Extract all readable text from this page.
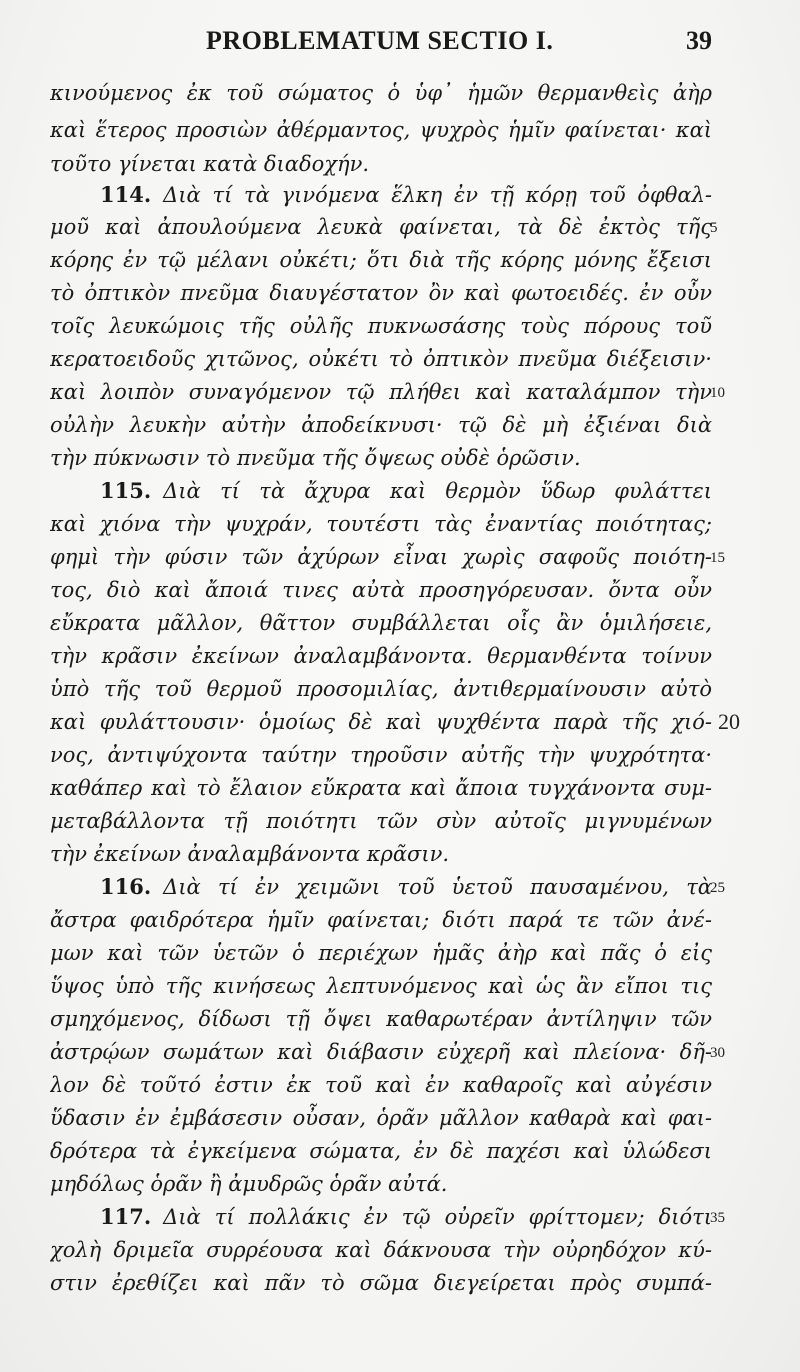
PROBLEMATUM SECTIO I.	39
κινούμενος ἐκ τοῦ σώματος ὁ ὑφ᾽ ἡμῶν θερμανθεὶς ἀὴρ
καὶ ἕτερος προσιὼν ἀθέρμαντος, ψυχρὸς ἡμῖν φαίνεται· καὶ
τοῦτο γίνεται κατὰ διαδοχήν.
114. Διὰ τί τὰ γινόμενα ἕλκη ἐν τῇ κόρῃ τοῦ ὀφθαλ-
μοῦ καὶ ἀπουλούμενα λευκὰ φαίνεται, τὰ δὲ ἐκτὸς τῆς
κόρης ἐν τῷ μέλανι οὐκέτι; ὅτι διὰ τῆς κόρης μόνης ἔξεισι
τὸ ὀπτικὸν πνεῦμα διαυγέστατον ὂν καὶ φωτοειδές. ἐν οὖν
τοῖς λευκώμοις τῆς οὐλῆς πυκνωσάσης τοὺς πόρους τοῦ
κερατοειδοῦς χιτῶνος, οὐκέτι τὸ ὀπτικὸν πνεῦμα διέξεισιν·
καὶ λοιπὸν συναγόμενον τῷ πλήθει καὶ καταλάμπον τὴν
οὐλὴν λευκὴν αὐτὴν ἀποδείκνυσι· τῷ δὲ μὴ ἐξιέναι διὰ
τὴν πύκνωσιν τὸ πνεῦμα τῆς ὄψεως οὐδὲ ὁρῶσιν.
115. Διὰ τί τὰ ἄχυρα καὶ θερμὸν ὕδωρ φυλάττει
καὶ χιόνα τὴν ψυχράν, τουτέστι τὰς ἐναντίας ποιότητας;
φημὶ τὴν φύσιν τῶν ἀχύρων εἶναι χωρὶς σαφοῦς ποιότη-
τος, διὸ καὶ ἄποιά τινες αὐτὰ προσηγόρευσαν. ὄντα οὖν
εὔκρατα μᾶλλον, θᾶττον συμβάλλεται οἷς ἂν ὁμιλήσειε,
τὴν κρᾶσιν ἐκείνων ἀναλαμβάνοντα. θερμανθέντα τοίνυν
ὑπὸ τῆς τοῦ θερμοῦ προσομιλίας, ἀντιθερμαίνουσιν αὐτὸ
καὶ φυλάττουσιν· ὁμοίως δὲ καὶ ψυχθέντα παρὰ τῆς χιό-
νος, ἀντιψύχοντα ταύτην τηροῦσιν αὐτῆς τὴν ψυχρότητα·
καθάπερ καὶ τὸ ἔλαιον εὔκρατα καὶ ἄποια τυγχάνοντα συμ-
μεταβάλλοντα τῇ ποιότητι τῶν σὺν αὐτοῖς μιγνυμένων
τὴν ἐκείνων ἀναλαμβάνοντα κρᾶσιν.
116. Διὰ τί ἐν χειμῶνι τοῦ ὑετοῦ παυσαμένου, τὰ
ἄστρα φαιδρότερα ἡμῖν φαίνεται; διότι παρά τε τῶν ἀνέ-
μων καὶ τῶν ὑετῶν ὁ περιέχων ἡμᾶς ἀὴρ καὶ πᾶς ὁ εἰς
ὕψος ὑπὸ τῆς κινήσεως λεπτυνόμενος καὶ ὡς ἂν εἴποι τις
σμηχόμενος, δίδωσι τῇ ὄψει καθαρωτέραν ἀντίληψιν τῶν
ἀστρῴων σωμάτων καὶ διάβασιν εὐχερῆ καὶ πλείονα· δῆ-
λον δὲ τοῦτό ἐστιν ἐκ τοῦ καὶ ἐν καθαροῖς καὶ αὐγέσιν
ὕδασιν ἐν ἐμβάσεσιν οὖσαν, ὁρᾶν μᾶλλον καθαρὰ καὶ φαι-
δρότερα τὰ ἐγκείμενα σώματα, ἐν δὲ παχέσι καὶ ὑλώδεσι
μηδόλως ὁρᾶν ἢ ἀμυδρῶς ὁρᾶν αὐτά.
117. Διὰ τί πολλάκις ἐν τῷ οὐρεῖν φρίττομεν; διότι
χολὴ δριμεῖα συρρέουσα καὶ δάκνουσα τὴν οὐρηδόχον κύ-
στιν ἐρεθίζει καὶ πᾶν τὸ σῶμα διεγείρεται πρὸς συμπά-
5
10
15
20
25
30
35
